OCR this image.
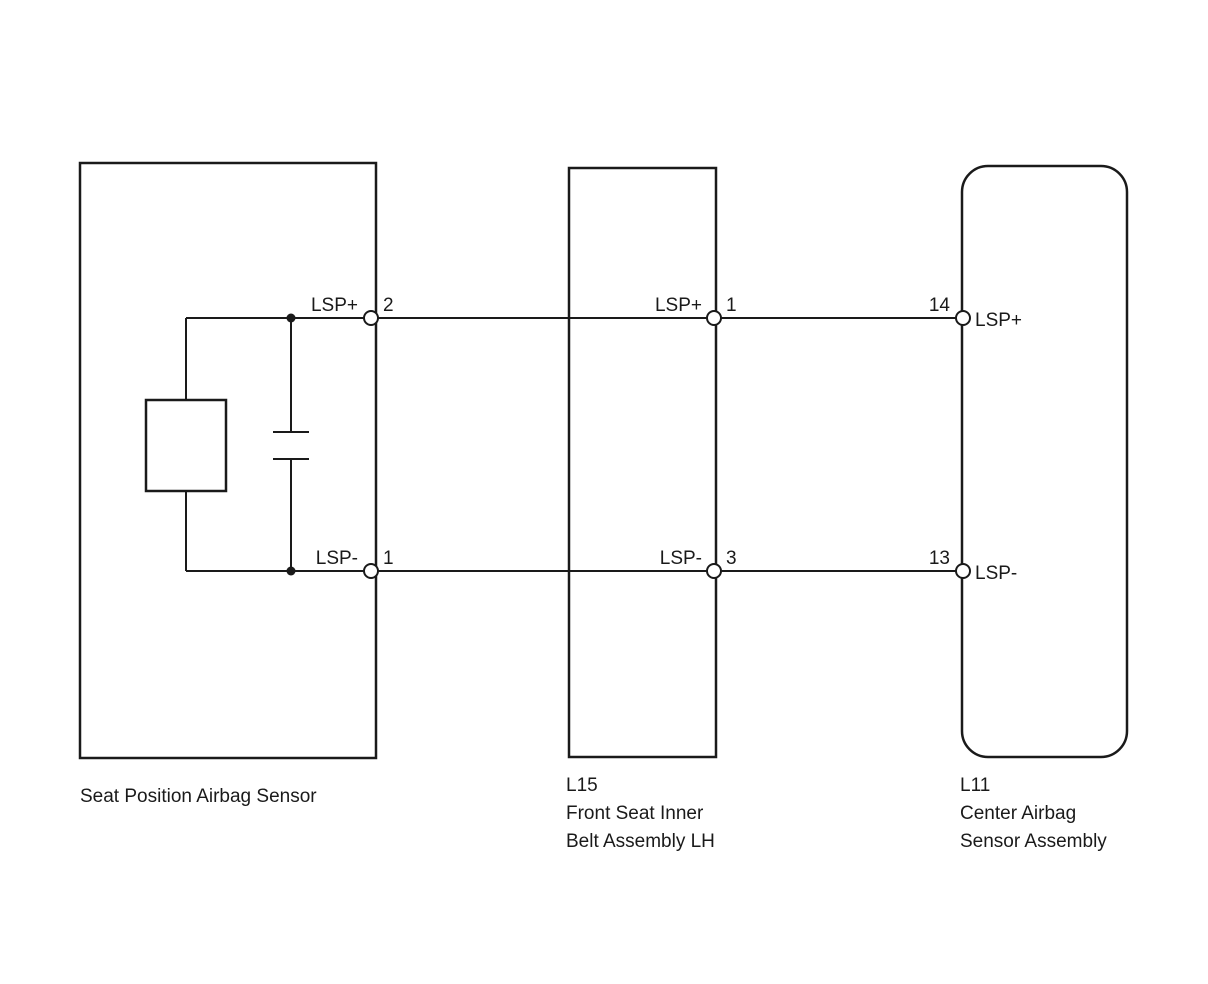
LSP+ 2
LSP- 1
LSP+ 1
LSP- 3
14
LSP+
13
LSP-
Seat Position Airbag Sensor
L15
Front Seat Inner
Belt Assembly LH
L11
Center Airbag
Sensor Assembly
